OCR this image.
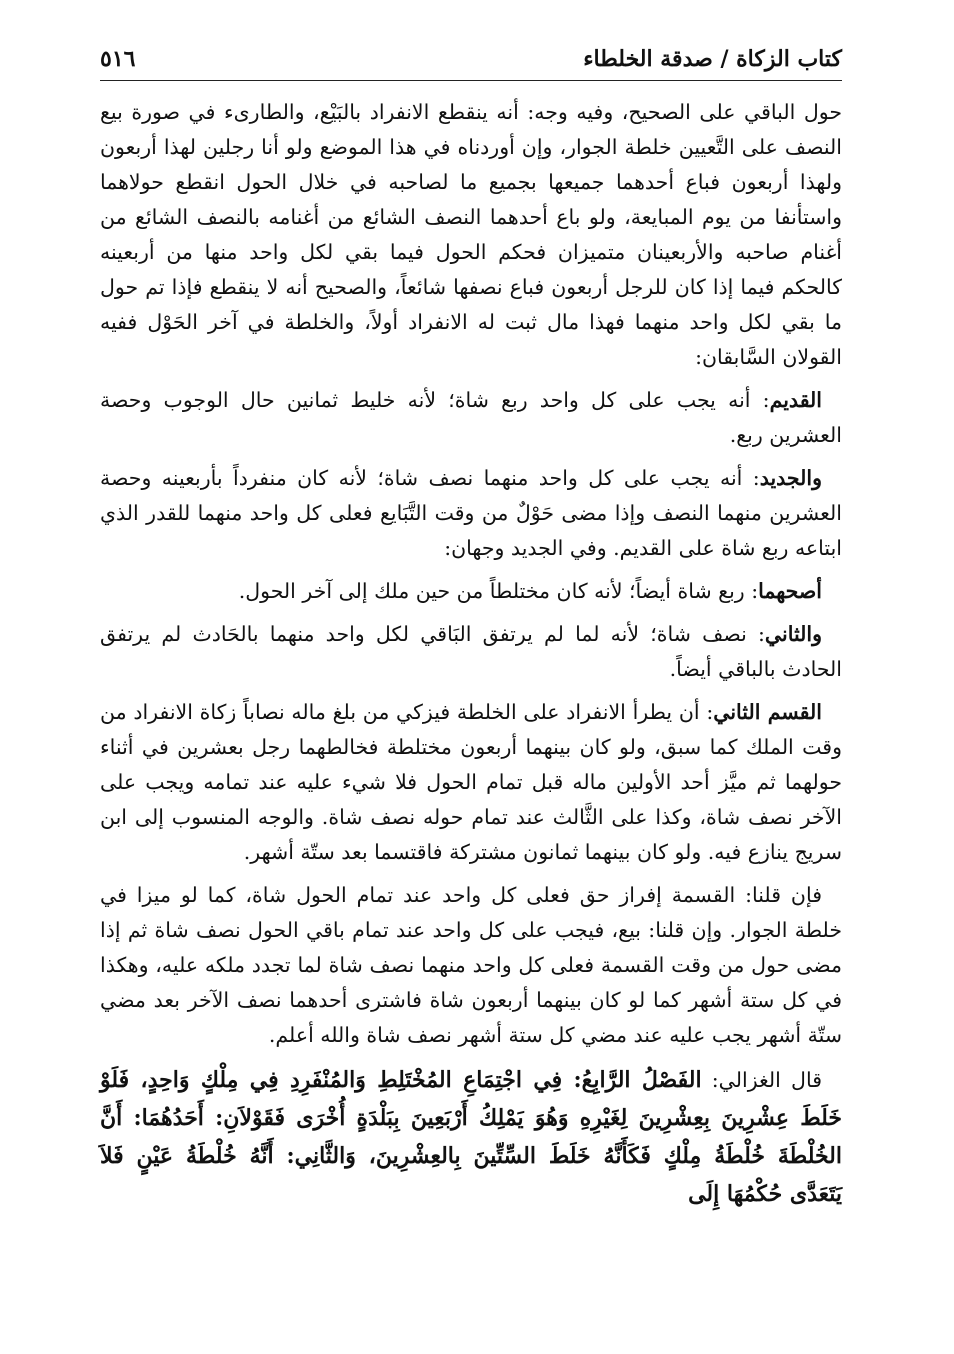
كتاب الزكاة / صدقة الخلطاء
٥١٦

حول الباقي على الصحيح، وفيه وجه: أنه ينقطع الانفراد بالبَيْع، والطارىء في صورة بيع النصف على التَّعيين خلطة الجوار، وإن أوردناه في هذا الموضع ولو أنا رجلين لهذا أربعون ولهذا أربعون فباع أحدهما جميعها بجميع ما لصاحبه في خلال الحول انقطع حولاهما واستأنفا من يوم المبايعة، ولو باع أحدهما النصف الشائع من أغنامه بالنصف الشائع من أغنام صاحبه والأربعينان متميزان فحكم الحول فيما بقي لكل واحد منها من أربعينه كالحكم فيما إذا كان للرجل أربعون فباع نصفها شائعاً، والصحيح أنه لا ينقطع فإذا تم حول ما بقي لكل واحد منهما فهذا مال ثبت له الانفراد أولاً، والخلطة في آخر الحَوْل ففيه القولان السَّابقان:

القديم: أنه يجب على كل واحد ربع شاة؛ لأنه خليط ثمانين حال الوجوب وحصة العشرين ربع.

والجديد: أنه يجب على كل واحد منهما نصف شاة؛ لأنه كان منفرداً بأربعينه وحصة العشرين منهما النصف وإذا مضى حَوْلٌ من وقت التَّبَايع فعلى كل واحد منهما للقدر الذي ابتاعه ربع شاة على القديم. وفي الجديد وجهان:

أصحهما: ربع شاة أيضاً؛ لأنه كان مختلطاً من حين ملك إلى آخر الحول.

والثاني: نصف شاة؛ لأنه لما لم يرتفق البَاقي لكل واحد منهما بالحَادث لم يرتفق الحادث بالباقي أيضاً.

القسم الثاني: أن يطرأ الانفراد على الخلطة فيزكي من بلغ ماله نصاباً زكاة الانفراد من وقت الملك كما سبق، ولو كان بينهما أربعون مختلطة فخالطهما رجل بعشرين في أثناء حولهما ثم ميَّز أحد الأولين ماله قبل تمام الحول فلا شيء عليه عند تمامه ويجب على الآخر نصف شاة، وكذا على الثَّالث عند تمام حوله نصف شاة. والوجه المنسوب إلى ابن سريج ينازع فيه. ولو كان بينهما ثمانون مشتركة فاقتسما بعد ستّة أشهر.

فإن قلنا: القسمة إفراز حق فعلى كل واحد عند تمام الحول شاة، كما لو ميزا في خلطة الجوار. وإن قلنا: بيع، فيجب على كل واحد عند تمام باقي الحول نصف شاة ثم إذا مضى حول من وقت القسمة فعلى كل واحد منهما نصف شاة لما تجدد ملكه عليه، وهكذا في كل ستة أشهر كما لو كان بينهما أربعون شاة فاشترى أحدهما نصف الآخر بعد مضي ستّة أشهر يجب عليه عند مضي كل ستة أشهر نصف شاة والله أعلم.

قال الغزالي: الفَصْلُ الرَّابِعُ: فِي اجْتِمَاعِ المُخْتَلِطِ وَالمُنْفَرِدِ فِي مِلْكٍ وَاحِدٍ، فَلَوْ خَلَطَ عِشْرِينَ بِعِشْرِينَ لِغَيْرِهِ وَهُوَ يَمْلِكُ أَرْبَعِينَ بِبَلْدَةٍ أُخْرَى فَقَوْلاَنِ: أَحَدُهُمَا: أَنَّ الخُلْطَةَ خُلْطَةُ مِلْكٍ فَكَأَنَّهُ خَلَطَ السِّتِّينَ بِالعِشْرِينَ، وَالثَّانِي: أَنَّهُ خُلْطَةُ عَيْنٍ فَلاَ يَتَعَدَّى حُكْمُهَا إِلَى
